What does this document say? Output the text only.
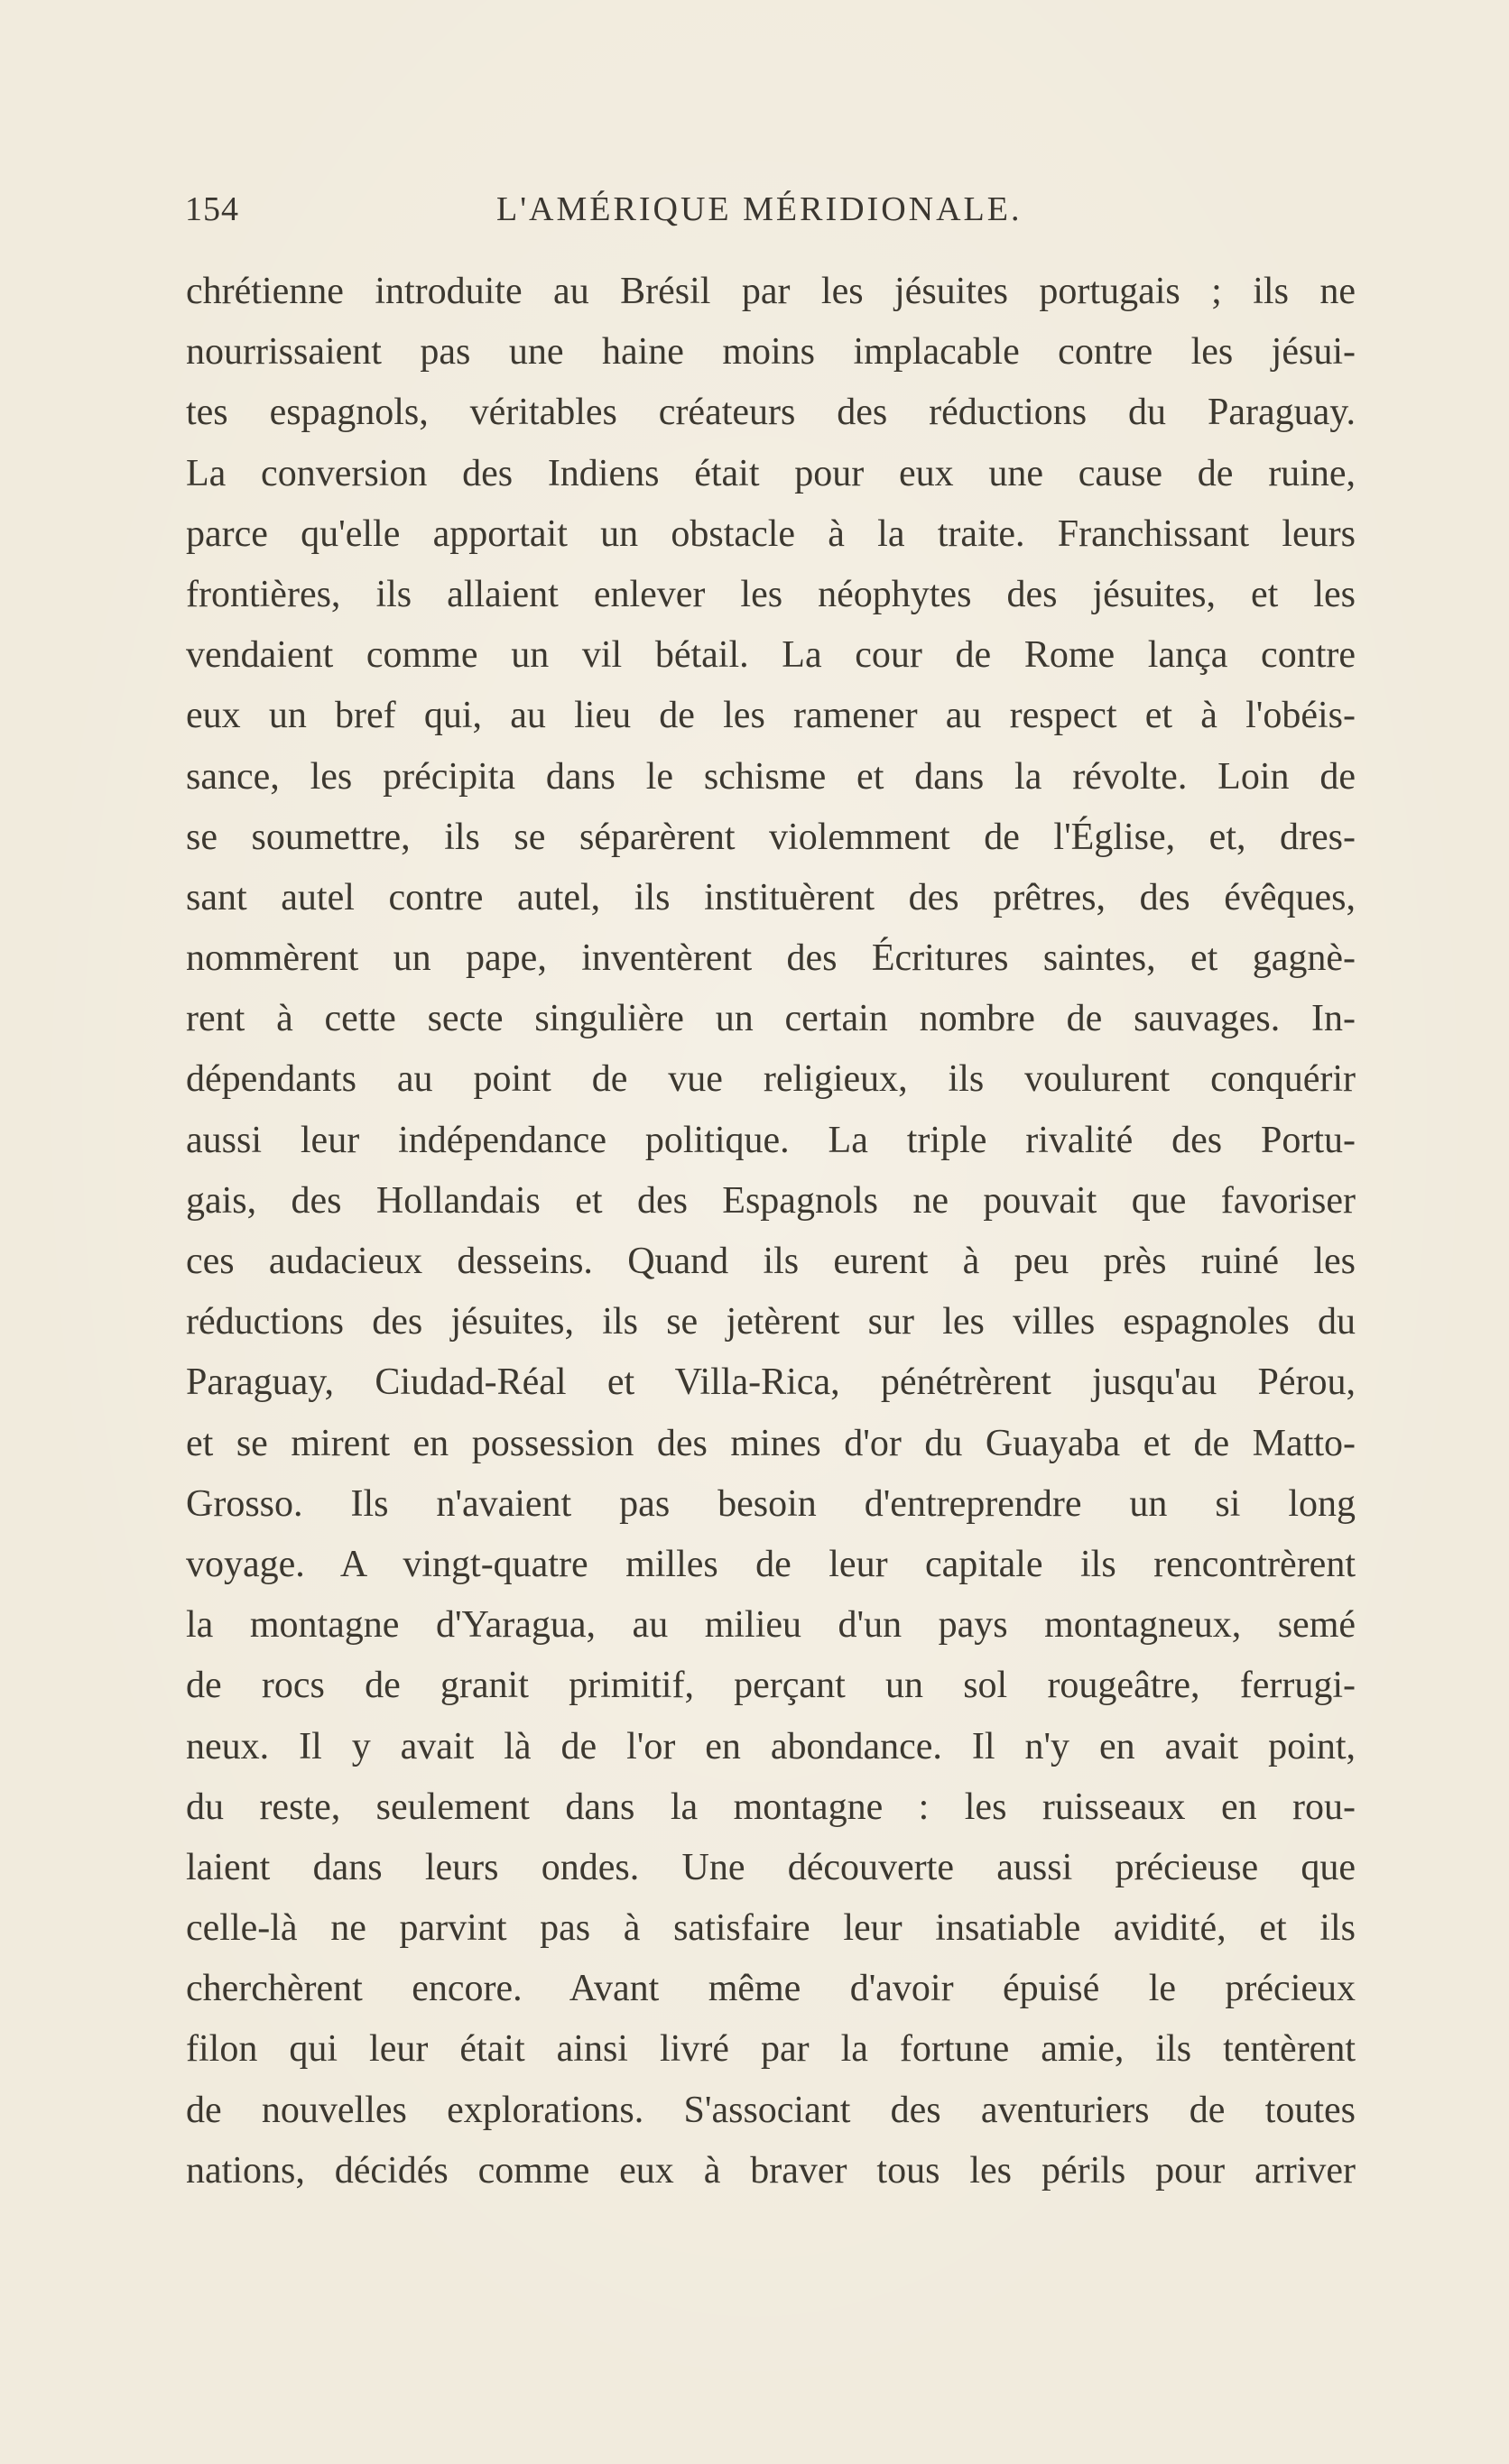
154	L'AMÉRIQUE MÉRIDIONALE.
chrétienne introduite au Brésil par les jésuites portugais ; ils ne
nourrissaient pas une haine moins implacable contre les jésui-
tes espagnols, véritables créateurs des réductions du Paraguay.
La conversion des Indiens était pour eux une cause de ruine,
parce qu'elle apportait un obstacle à la traite. Franchissant leurs
frontières, ils allaient enlever les néophytes des jésuites, et les
vendaient comme un vil bétail. La cour de Rome lança contre
eux un bref qui, au lieu de les ramener au respect et à l'obéis-
sance, les précipita dans le schisme et dans la révolte. Loin de
se soumettre, ils se séparèrent violemment de l'Église, et, dres-
sant autel contre autel, ils instituèrent des prêtres, des évêques,
nommèrent un pape, inventèrent des Écritures saintes, et gagnè-
rent à cette secte singulière un certain nombre de sauvages. In-
dépendants au point de vue religieux, ils voulurent conquérir
aussi leur indépendance politique. La triple rivalité des Portu-
gais, des Hollandais et des Espagnols ne pouvait que favoriser
ces audacieux desseins. Quand ils eurent à peu près ruiné les
réductions des jésuites, ils se jetèrent sur les villes espagnoles du
Paraguay, Ciudad-Réal et Villa-Rica, pénétrèrent jusqu'au Pérou,
et se mirent en possession des mines d'or du Guayaba et de Matto-
Grosso. Ils n'avaient pas besoin d'entreprendre un si long
voyage. A vingt-quatre milles de leur capitale ils rencontrèrent
la montagne d'Yaragua, au milieu d'un pays montagneux, semé
de rocs de granit primitif, perçant un sol rougeâtre, ferrugi-
neux. Il y avait là de l'or en abondance. Il n'y en avait point,
du reste, seulement dans la montagne : les ruisseaux en rou-
laient dans leurs ondes. Une découverte aussi précieuse que
celle-là ne parvint pas à satisfaire leur insatiable avidité, et ils
cherchèrent encore. Avant même d'avoir épuisé le précieux
filon qui leur était ainsi livré par la fortune amie, ils tentèrent
de nouvelles explorations. S'associant des aventuriers de toutes
nations, décidés comme eux à braver tous les périls pour arriver
